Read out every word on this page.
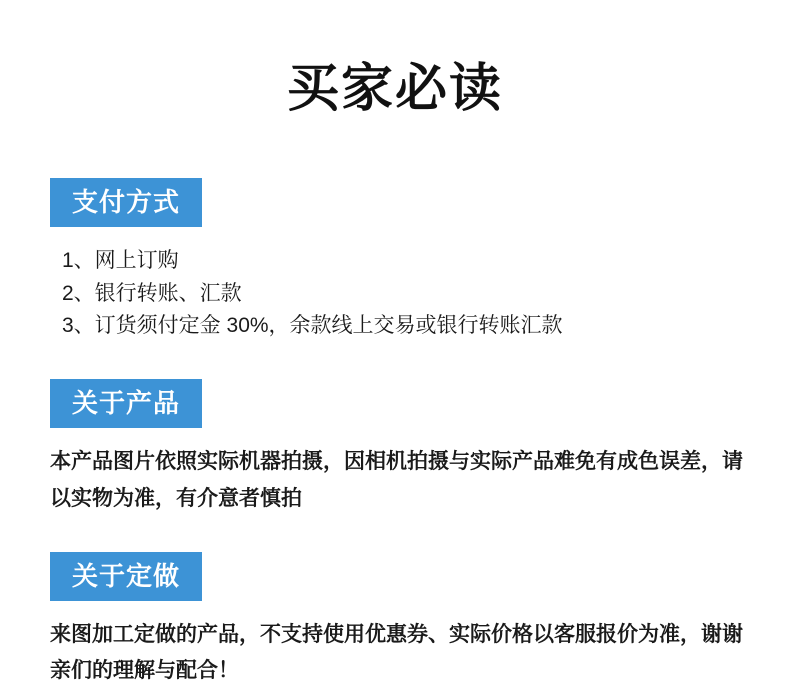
买家必读
支付方式
1、网上订购
2、银行转账、汇款
3、订货须付定金 30%，余款线上交易或银行转账汇款
关于产品

本产品图片依照实际机器拍摄，因相机拍摄与实际产品难免有成色误差，请以实物为准，有介意者慎拍

关于定做

来图加工定做的产品，不支持使用优惠券、实际价格以客服报价为准，谢谢亲们的理解与配合！
